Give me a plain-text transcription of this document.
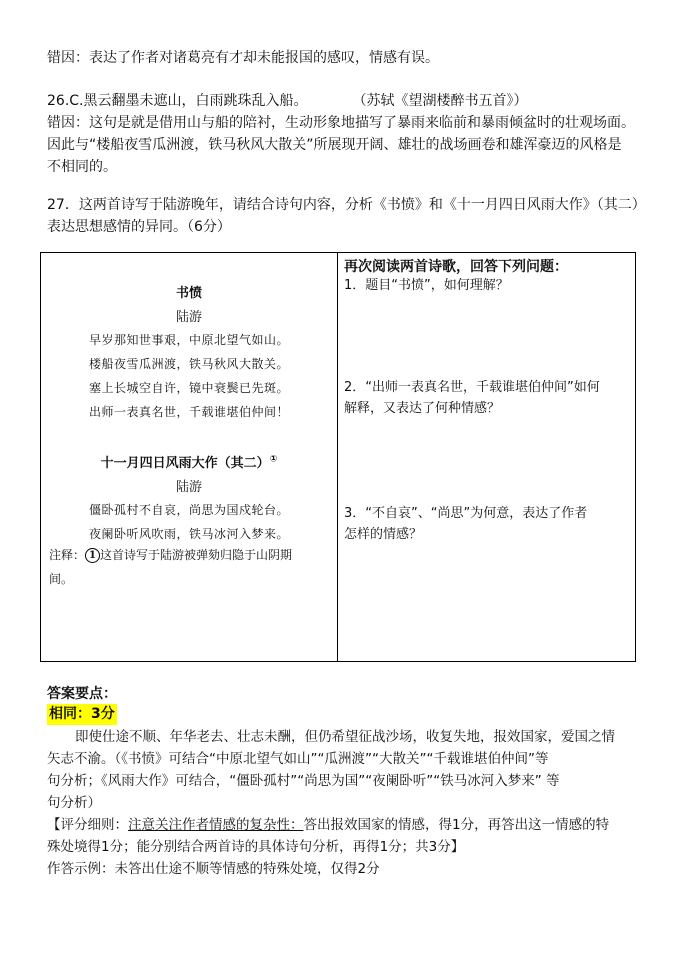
错因：表达了作者对诸葛亮有才却未能报国的感叹，情感有误。
26.C.黑云翻墨未遮山，白雨跳珠乱入船。	（苏轼《望湖楼醉书五首》）
错因：这句是就是借用山与船的陪衬，生动形象地描写了暴雨来临前和暴雨倾盆时的壮观场面。
因此与“楼船夜雪瓜洲渡，铁马秋风大散关”所展现开阔、雄壮的战场画卷和雄浑豪迈的风格是
不相同的。
27．这两首诗写于陆游晚年，请结合诗句内容，分析《书愤》和《十一月四日风雨大作》（其二）
表达思想感情的异同。（6分）
书愤
陆游
早岁那知世事艰，中原北望气如山。
楼船夜雪瓜洲渡，铁马秋风大散关。
塞上长城空自许，镜中衰鬓已先斑。
出师一表真名世，千载谁堪伯仲间！
十一月四日风雨大作（其二）①
陆游
僵卧孤村不自哀，尚思为国戍轮台。
夜阑卧听风吹雨，铁马冰河入梦来。
注释： 1 这首诗写于陆游被弹劾归隐于山阴期
间。

再次阅读两首诗歌，回答下列问题：
1．题目“书愤”，如何理解？
2．“出师一表真名世，千载谁堪伯仲间”如何
解释，又表达了何种情感？
3．“不自哀”、“尚思”为何意，表达了作者
怎样的情感？
答案要点：
相同：3分
即使仕途不顺、年华老去、壮志未酬，但仍希望征战沙场，收复失地，报效国家，爱国之情
矢志不渝。（《书愤》可结合“中原北望气如山”“瓜洲渡”“大散关”“千载谁堪伯仲间”等
句分析；《风雨大作》可结合，“僵卧孤村”“尚思为国”“夜阑卧听”“铁马冰河入梦来” 等
句分析）
【评分细则：注意关注作者情感的复杂性：答出报效国家的情感，得1分，再答出这一情感的特
殊处境得1分；能分别结合两首诗的具体诗句分析，再得1分；共3分】
作答示例：未答出仕途不顺等情感的特殊处境，仅得2分
